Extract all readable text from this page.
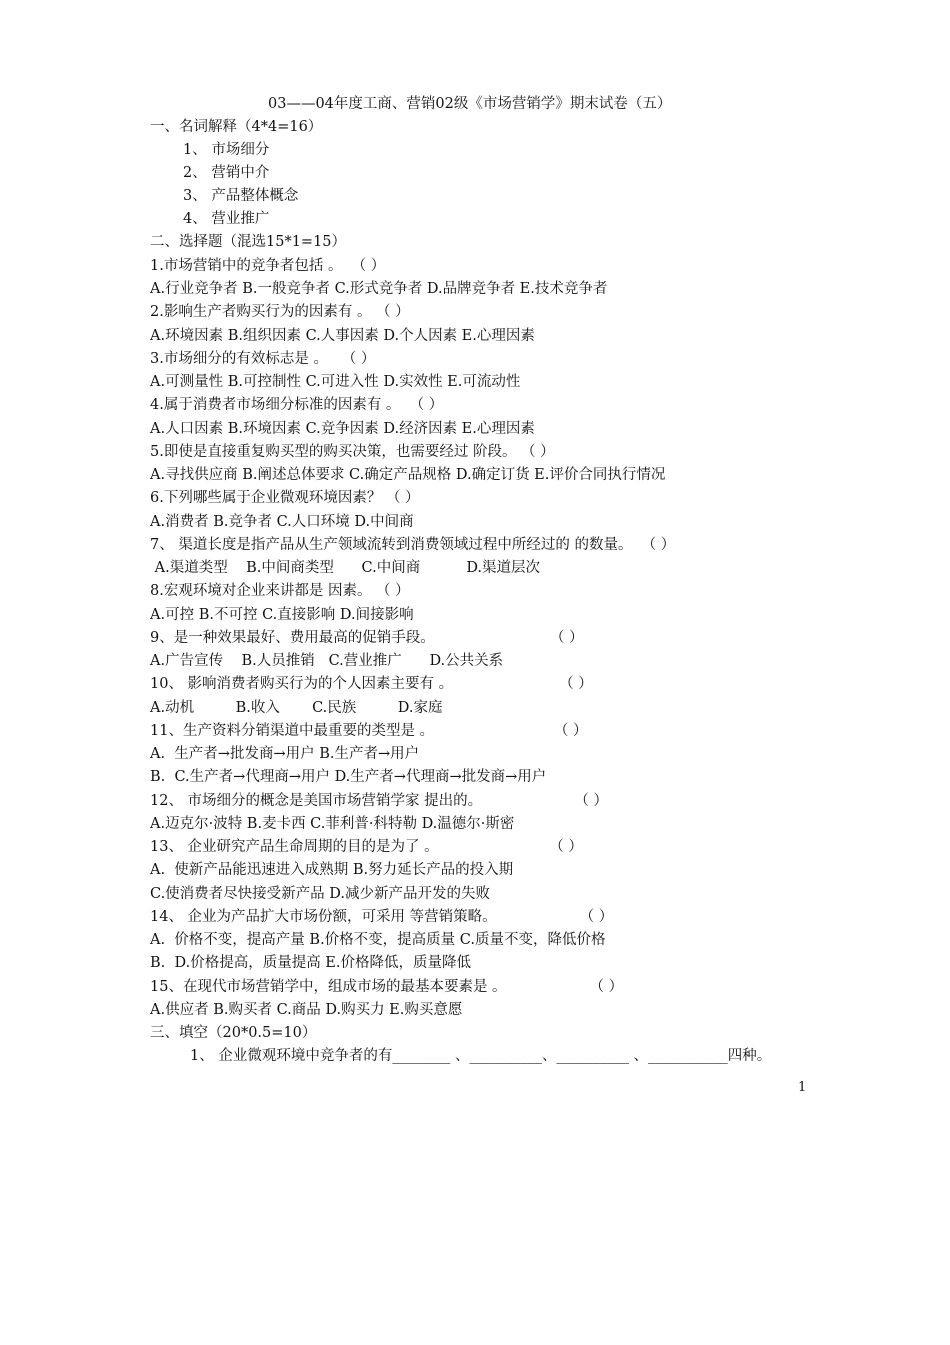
03——04年度工商、营销02级《市场营销学》期末试卷（五）
一、名词解释（4*4=16）
1、 市场细分
2、 营销中介
3、 产品整体概念
4、 营业推广
二、选择题（混选15*1=15）
1.市场营销中的竞争者包括 。  （ ）
A.行业竞争者 B.一般竞争者 C.形式竞争者 D.品牌竞争者 E.技术竞争者
2.影响生产者购买行为的因素有 。 （ ）
A.环境因素 B.组织因素 C.人事因素 D.个人因素 E.心理因素
3.市场细分的有效标志是 。   （ ）
A.可测量性 B.可控制性 C.可进入性 D.实效性 E.可流动性
4.属于消费者市场细分标准的因素有 。  （ ）
A.人口因素 B.环境因素 C.竞争因素 D.经济因素 E.心理因素
5.即使是直接重复购买型的购买决策，也需要经过 阶段。 （ ）
A.寻找供应商 B.阐述总体要求 C.确定产品规格 D.确定订货 E.评价合同执行情况
6.下列哪些属于企业微观环境因素？ （ ）
A.消费者 B.竞争者 C.人口环境 D.中间商
7、 渠道长度是指产品从生产领域流转到消费领域过程中所经过的 的数量。  （ ）
A.渠道类型    B.中间商类型      C.中间商          D.渠道层次
8.宏观环境对企业来讲都是 因素。 （ ）
A.可控 B.不可控 C.直接影响 D.间接影响
9、是一种效果最好、费用最高的促销手段。                         （ ）
A.广告宣传    B.人员推销   C.营业推广      D.公共关系
10、 影响消费者购买行为的个人因素主要有 。                       （ ）
A.动机         B.收入       C.民族         D.家庭
11、生产资料分销渠道中最重要的类型是 。                          （ ）
A.  生产者→批发商→用户 B.生产者→用户
B.  C.生产者→代理商→用户 D.生产者→代理商→批发商→用户
12、 市场细分的概念是美国市场营销学家 提出的。                    （ ）
A.迈克尔·波特 B.麦卡西 C.菲利普·科特勒 D.温德尔·斯密
13、 企业研究产品生命周期的目的是为了 。                        （ ）
A.  使新产品能迅速进入成熟期 B.努力延长产品的投入期
C.使消费者尽快接受新产品 D.减少新产品开发的失败
14、 企业为产品扩大市场份额，可采用 等营销策略。                  （ ）
A.  价格不变，提高产量 B.价格不变，提高质量 C.质量不变，降低价格
B.  D.价格提高，质量提高 E.价格降低，质量降低
15、在现代市场营销学中，组成市场的最基本要素是 。                  （ ）
A.供应者 B.购买者 C.商品 D.购买力 E.购买意愿
三、填空（20*0.5=10）
1、 企业微观环境中竞争者的有________ 、__________、__________ 、___________四种。
1
